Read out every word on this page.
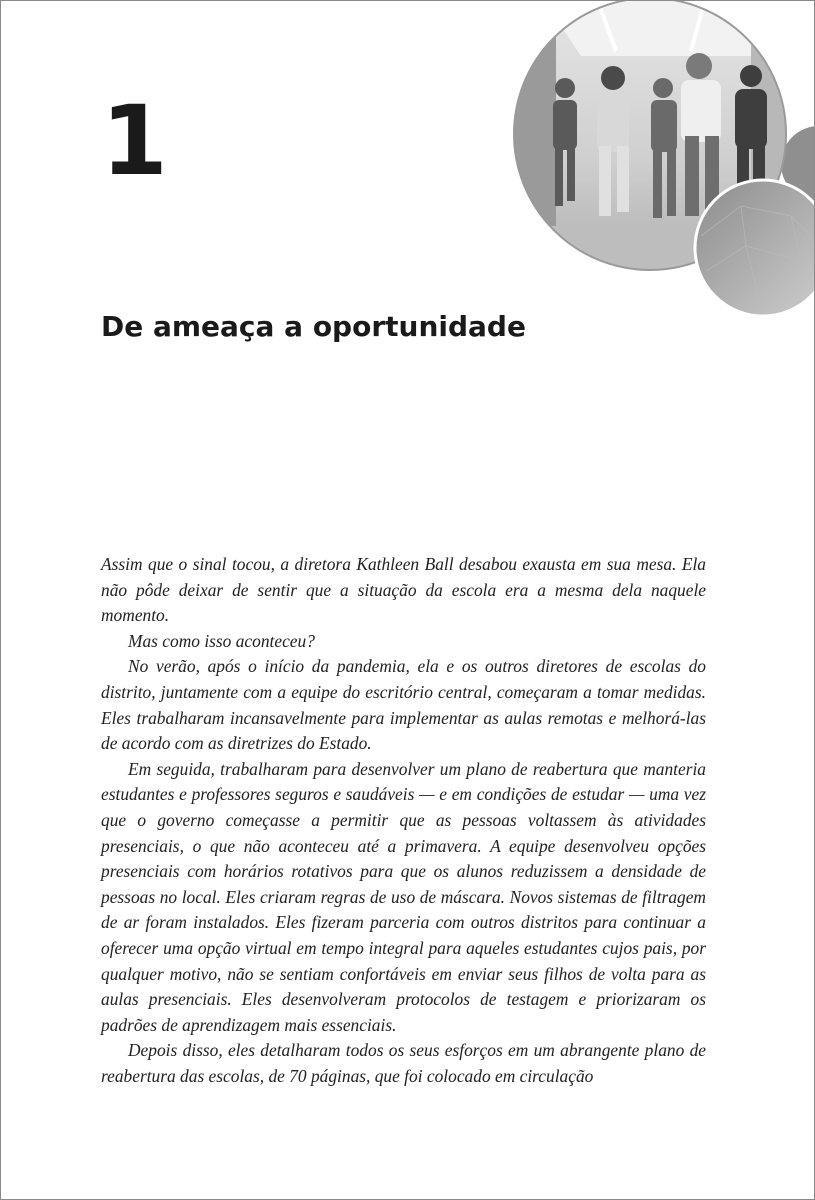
1
De ameaça a oportunidade

Assim que o sinal tocou, a diretora Kathleen Ball desabou exausta em sua mesa. Ela não pôde deixar de sentir que a situação da escola era a mesma dela naquele momento.

Mas como isso aconteceu?

No verão, após o início da pandemia, ela e os outros diretores de escolas do distrito, juntamente com a equipe do escritório central, começaram a tomar medidas. Eles trabalharam incansavelmente para implementar as aulas remotas e melhorá-las de acordo com as diretrizes do Estado.

Em seguida, trabalharam para desenvolver um plano de reabertura que manteria estudantes e professores seguros e saudáveis — e em condições de estudar — uma vez que o governo começasse a permitir que as pessoas voltassem às atividades presenciais, o que não aconteceu até a primavera. A equipe desenvolveu opções presenciais com horários rotativos para que os alunos reduzissem a densidade de pessoas no local. Eles criaram regras de uso de máscara. Novos sistemas de filtragem de ar foram instalados. Eles fizeram parceria com outros distritos para continuar a oferecer uma opção virtual em tempo integral para aqueles estudantes cujos pais, por qualquer motivo, não se sentiam confortáveis em enviar seus filhos de volta para as aulas presenciais. Eles desenvolveram protocolos de testagem e priorizaram os padrões de aprendizagem mais essenciais.

Depois disso, eles detalharam todos os seus esforços em um abrangente plano de reabertura das escolas, de 70 páginas, que foi colocado em circulação
